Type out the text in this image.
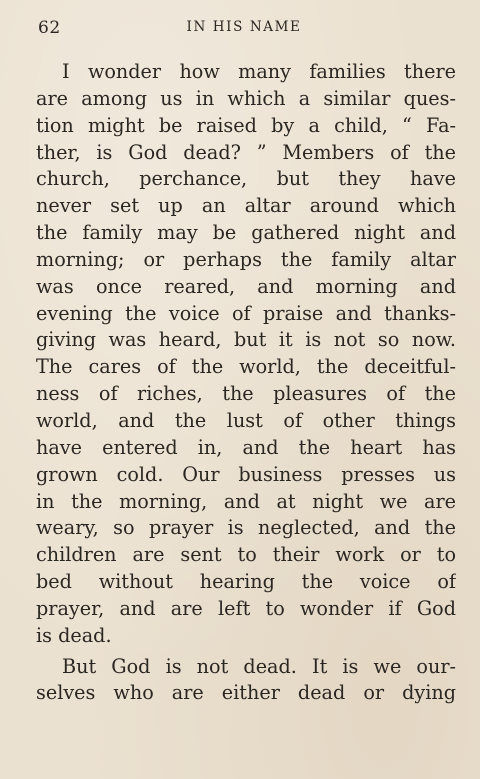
62	IN HIS NAME
I wonder how many families there
are among us in which a similar ques-
tion might be raised by a child, “ Fa-
ther, is God dead? ” Members of the
church, perchance, but they have
never set up an altar around which
the family may be gathered night and
morning; or perhaps the family altar
was once reared, and morning and
evening the voice of praise and thanks-
giving was heard, but it is not so now.
The cares of the world, the deceitful-
ness of riches, the pleasures of the
world, and the lust of other things
have entered in, and the heart has
grown cold. Our business presses us
in the morning, and at night we are
weary, so prayer is neglected, and the
children are sent to their work or to
bed without hearing the voice of
prayer, and are left to wonder if God
is dead.
But God is not dead. It is we our-
selves who are either dead or dying
